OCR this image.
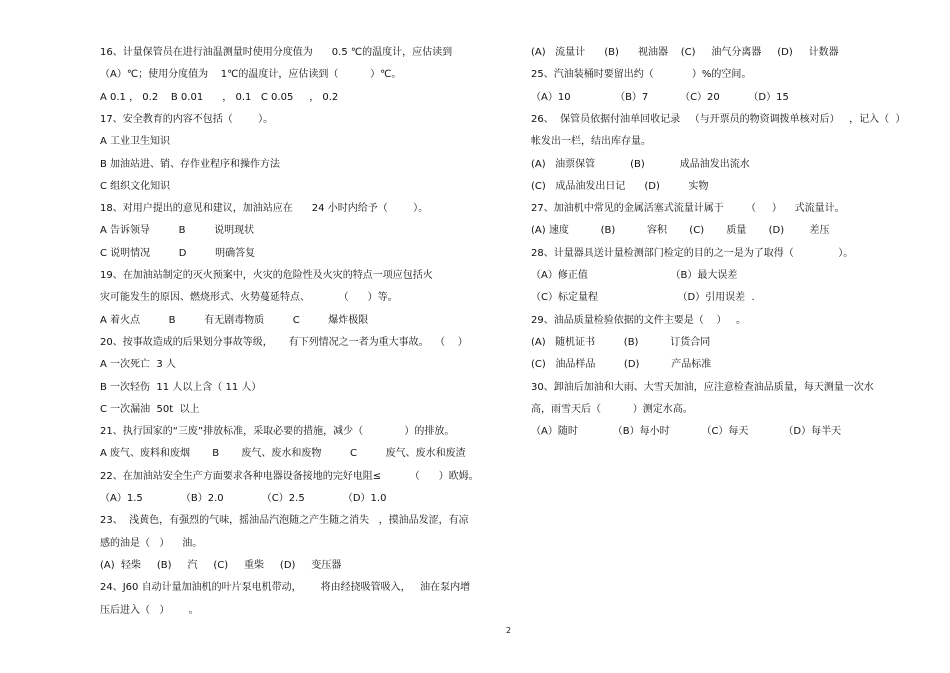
16、计量保管员在进行油温测量时使用分度值为      0.5 ℃的温度计，应估读到
（A）℃；使用分度值为    1℃的温度计，应估读到（          ）℃。
A 0.1 ， 0.2    B 0.01      ， 0.1   C 0.05     ， 0.2
17、安全教育的内容不包括（        ）。
A 工业卫生知识
B 加油站进、销、存作业程序和操作方法
C 组织文化知识
18、对用户提出的意见和建议，加油站应在      24 小时内给予（        ）。
A 告诉领导         B         说明现状
C 说明情况         D         明确答复
19、在加油站制定的灭火预案中，火灾的危险性及火灾的特点一项应包括火
灾可能发生的原因、燃烧形式、火势蔓延特点、         （      ）等。
A 着火点         B         有无剧毒物质         C         爆炸极限
20、按事故造成的后果划分事故等级，     有下列情况之一者为重大事故。  （    ）
A 一次死亡  3 人
B 一次轻伤  11 人以上含（ 11 人）
C 一次漏油  50t  以上
21、执行国家的“三废”排放标准，采取必要的措施，减少（             ）的排放。
A 废气、废料和废烟       B       废气、废水和废物         C         废气、废水和废渣
22、在加油站安全生产方面要求各种电器设备接地的完好电阻≤         （      ）欧姆。
（A）1.5            （B）2.0            （C）2.5            （D）1.0
23、  浅黄色，有强烈的气味，摇油品汽泡随之产生随之消失   ，摸油品发涩，有凉
感的油是（   ）    油。
(A)  轻柴     (B)     汽     (C)     重柴     (D)     变压器
24、J60 自动计量加油机的叶片泵电机带动，      将由经挠吸管吸入，   油在泵内增
压后进入（   ）      。
(A)   流量计      (B)      视油器    (C)     油气分离器     (D)     计数器
25、汽油装桶时要留出约（            ）%的空间。
（A）10              （B）7          （C）20         （D）15
26、  保管员依据付油单回收记录   （与开票员的物资调拨单核对后）   ，记入（  ）
帐发出一栏，结出库存量。
(A)   油票保管           (B)           成品油发出流水
(C)   成品油发出日记      (D)         实物
27、加油机中常见的金属活塞式流量计属于       （     ）    式流量计。
(A) 速度          (B)          容积       (C)       质量       (D)        差压
28、计量器具送计量检测部门检定的目的之一是为了取得（              ）。
（A）修正值                          （B）最大误差
（C）标定量程                         （D）引用误差  .
29、油品质量检验依据的文件主要是（    ）   。
(A)   随机证书         (B)          订货合同
(C)   油品样品         (D)          产品标准
30、卸油后加油和大雨、大雪天加油，应注意检查油品质量，每天测量一次水
高，雨雪天后（          ）测定水高。
（A）随时           （B）每小时          （C）每天           （D）每半天
2
